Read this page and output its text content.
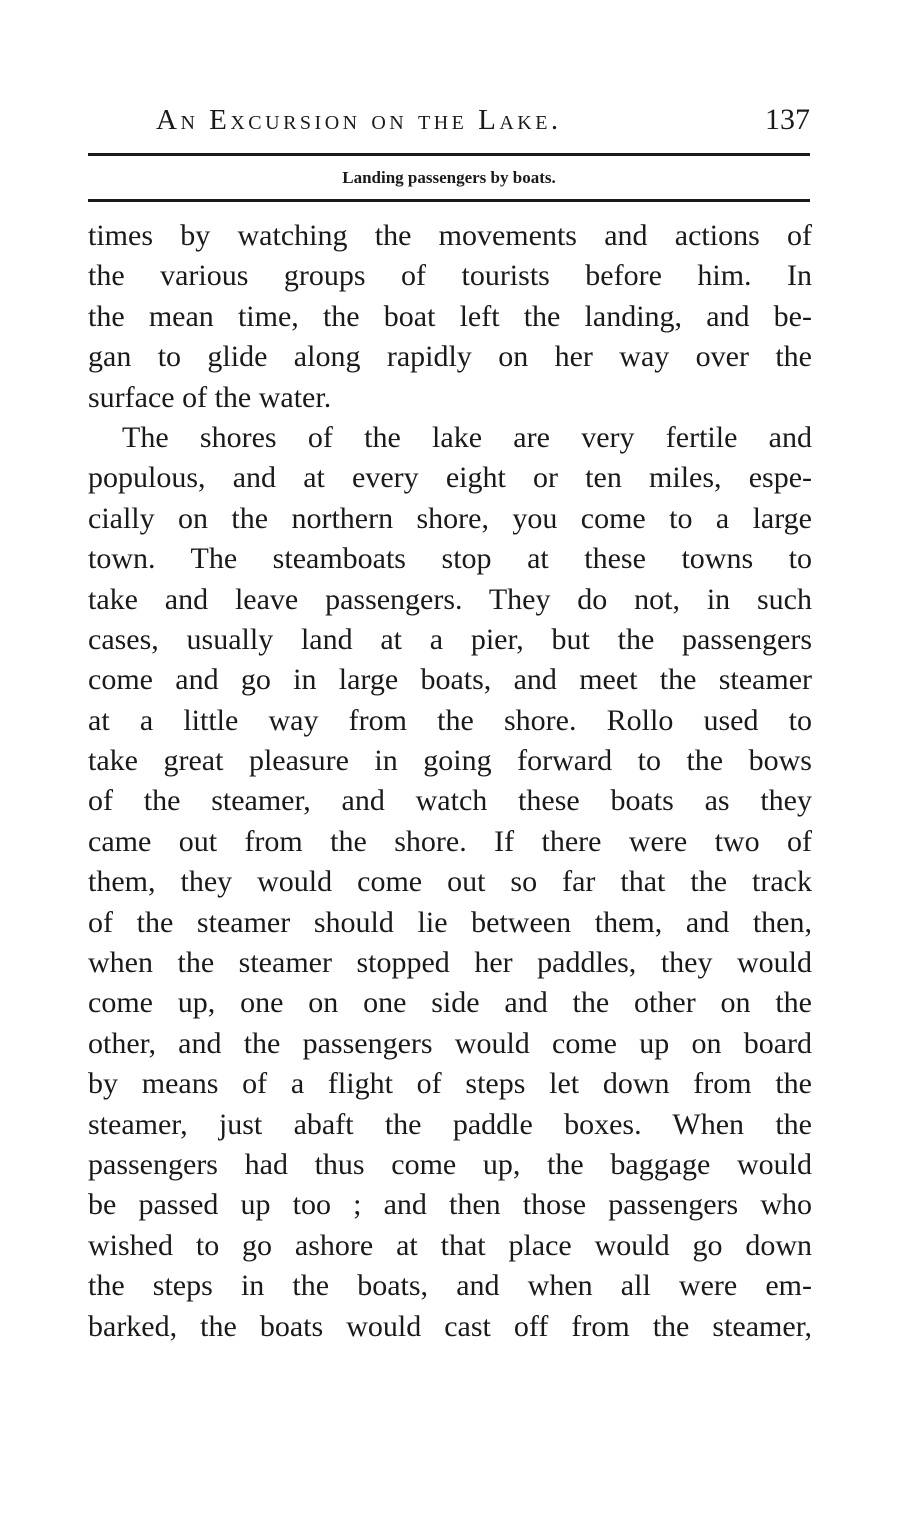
An Excursion on the Lake.	137
Landing passengers by boats.
times by watching the movements and actions of
the various groups of tourists before him. In
the mean time, the boat left the landing, and be-
gan to glide along rapidly on her way over the
surface of the water.
The shores of the lake are very fertile and
populous, and at every eight or ten miles, espe-
cially on the northern shore, you come to a large
town. The steamboats stop at these towns to
take and leave passengers. They do not, in such
cases, usually land at a pier, but the passengers
come and go in large boats, and meet the steamer
at a little way from the shore. Rollo used to
take great pleasure in going forward to the bows
of the steamer, and watch these boats as they
came out from the shore. If there were two of
them, they would come out so far that the track
of the steamer should lie between them, and then,
when the steamer stopped her paddles, they would
come up, one on one side and the other on the
other, and the passengers would come up on board
by means of a flight of steps let down from the
steamer, just abaft the paddle boxes. When the
passengers had thus come up, the baggage would
be passed up too ; and then those passengers who
wished to go ashore at that place would go down
the steps in the boats, and when all were em-
barked, the boats would cast off from the steamer,
